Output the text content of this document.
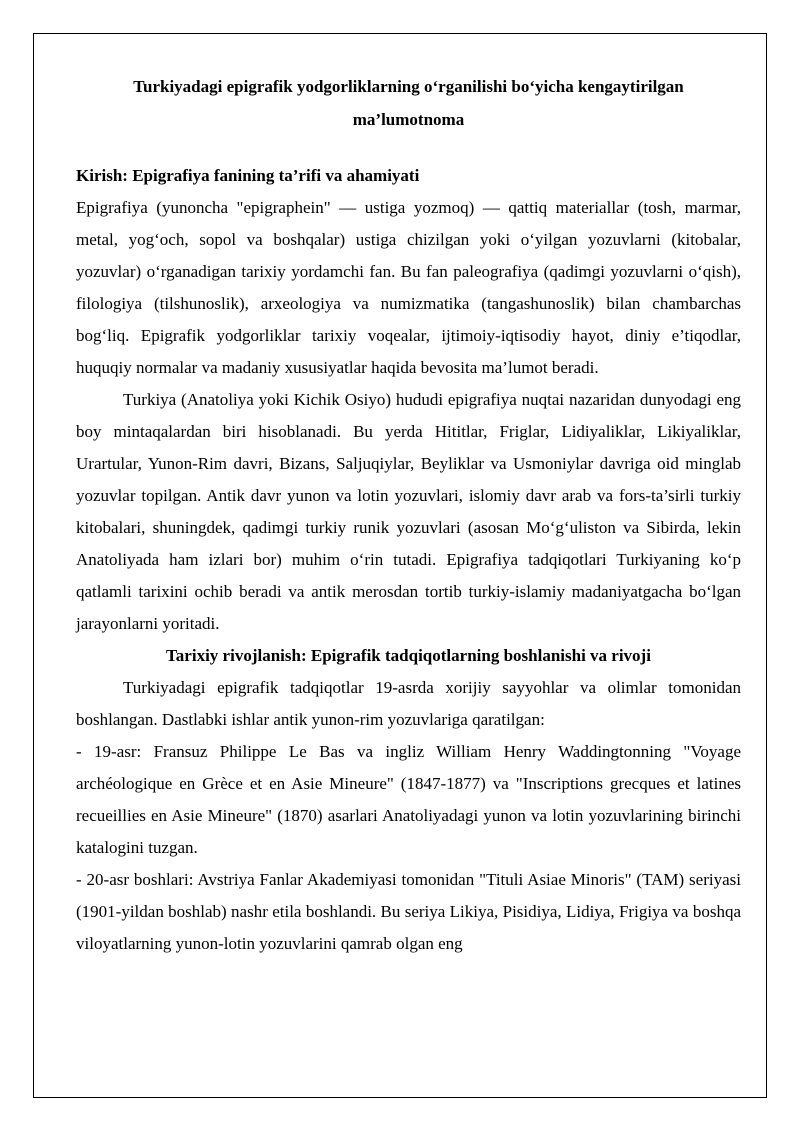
Turkiyadagi epigrafik yodgorliklarning o‘rganilishi bo‘yicha kengaytirilgan ma’lumotnoma
Kirish: Epigrafiya fanining ta’rifi va ahamiyati

Epigrafiya (yunoncha "epigraphein" — ustiga yozmoq) — qattiq materiallar (tosh, marmar, metal, yog‘och, sopol va boshqalar) ustiga chizilgan yoki o‘yilgan yozuvlarni (kitobalar, yozuvlar) o‘rganadigan tarixiy yordamchi fan. Bu fan paleografiya (qadimgi yozuvlarni o‘qish), filologiya (tilshunoslik), arxeologiya va numizmatika (tangashunoslik) bilan chambarchas bog‘liq. Epigrafik yodgorliklar tarixiy voqealar, ijtimoiy-iqtisodiy hayot, diniy e’tiqodlar, huquqiy normalar va madaniy xususiyatlar haqida bevosita ma’lumot beradi.

Turkiya (Anatoliya yoki Kichik Osiyo) hududi epigrafiya nuqtai nazaridan dunyodagi eng boy mintaqalardan biri hisoblanadi. Bu yerda Hititlar, Friglar, Lidiyaliklar, Likiyaliklar, Urartular, Yunon-Rim davri, Bizans, Saljuqiylar, Beyliklar va Usmoniylar davriga oid minglab yozuvlar topilgan. Antik davr yunon va lotin yozuvlari, islomiy davr arab va fors-ta’sirli turkiy kitobalari, shuningdek, qadimgi turkiy runik yozuvlari (asosan Mo‘g‘uliston va Sibirda, lekin Anatoliyada ham izlari bor) muhim o‘rin tutadi. Epigrafiya tadqiqotlari Turkiyaning ko‘p qatlamli tarixini ochib beradi va antik merosdan tortib turkiy-islamiy madaniyatgacha bo‘lgan jarayonlarni yoritadi.

Tarixiy rivojlanish: Epigrafik tadqiqotlarning boshlanishi va rivoji

Turkiyadagi epigrafik tadqiqotlar 19-asrda xorijiy sayyohlar va olimlar tomonidan boshlangan. Dastlabki ishlar antik yunon-rim yozuvlariga qaratilgan:

- 19-asr: Fransuz Philippe Le Bas va ingliz William Henry Waddingtonning "Voyage archéologique en Grèce et en Asie Mineure" (1847-1877) va "Inscriptions grecques et latines recueillies en Asie Mineure" (1870) asarlari Anatoliyadagi yunon va lotin yozuvlarining birinchi katalogini tuzgan.

- 20-asr boshlari: Avstriya Fanlar Akademiyasi tomonidan "Tituli Asiae Minoris" (TAM) seriyasi (1901-yildan boshlab) nashr etila boshlandi. Bu seriya Likiya, Pisidiya, Lidiya, Frigiya va boshqa viloyatlarning yunon-lotin yozuvlarini qamrab olgan eng
